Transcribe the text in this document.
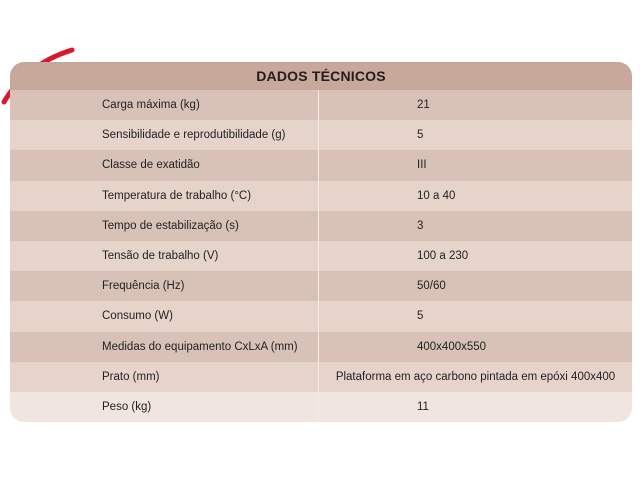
DADOS TÉCNICOS
Carga máxima (kg)	21
Sensibilidade e reprodutibilidade (g)	5
Classe de exatidão	III
Temperatura de trabalho (°C)	10 a 40
Tempo de estabilização (s)	3
Tensão de trabalho (V)	100 a 230
Frequência (Hz)	50/60
Consumo (W)	5
Medidas do equipamento CxLxA (mm)	400x400x550
Prato (mm)	Plataforma em aço carbono pintada em epóxi 400x400
Peso (kg)	11
